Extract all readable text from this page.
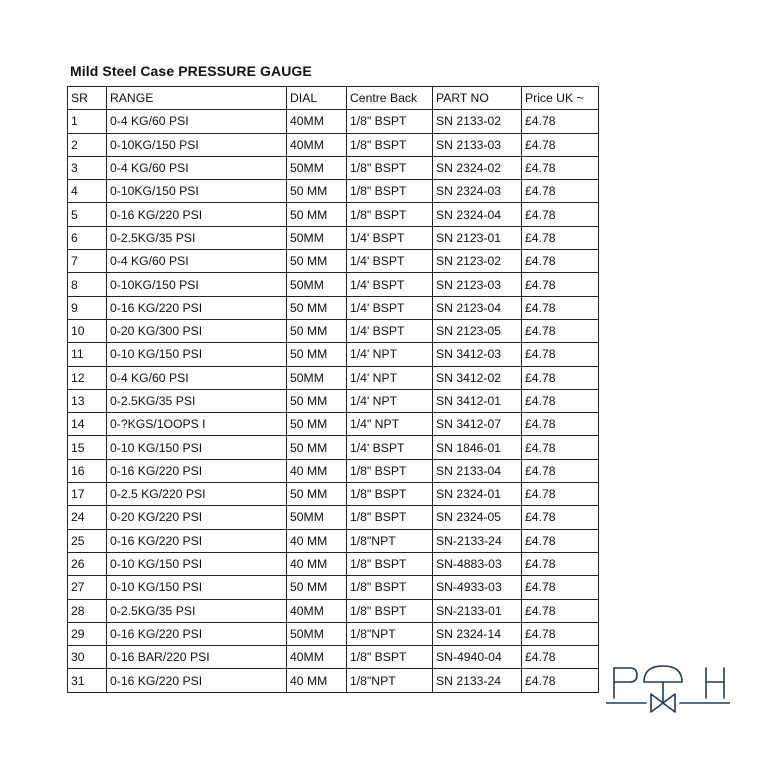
Mild Steel Case PRESSURE GAUGE
SR	RANGE	DIAL	Centre Back	PART NO	Price UK ~
1	0-4 KG/60 PSI	40MM	1/8" BSPT	SN 2133-02	£4.78
2	0-10KG/150 PSI	40MM	1/8" BSPT	SN 2133-03	£4.78
3	0-4 KG/60 PSI	50MM	1/8" BSPT	SN 2324-02	£4.78
4	0-10KG/150 PSI	50 MM	1/8" BSPT	SN 2324-03	£4.78
5	0-16 KG/220 PSI	50 MM	1/8" BSPT	SN 2324-04	£4.78
6	0-2.5KG/35 PSI	50MM	1/4' BSPT	SN 2123-01	£4.78
7	0-4 KG/60 PSI	50 MM	1/4' BSPT	SN 2123-02	£4.78
8	0-10KG/150 PSI	50MM	1/4' BSPT	SN 2123-03	£4.78
9	0-16 KG/220 PSI	50 MM	1/4' BSPT	SN 2123-04	£4.78
10	0-20 KG/300 PSI	50 MM	1/4' BSPT	SN 2123-05	£4.78
11	0-10 KG/150 PSI	50 MM	1/4' NPT	SN 3412-03	£4.78
12	0-4 KG/60 PSI	50MM	1/4' NPT	SN 3412-02	£4.78
13	0-2.5KG/35 PSI	50 MM	1/4' NPT	SN 3412-01	£4.78
14	0-?KGS/1OOPS I	50 MM	1/4" NPT	SN 3412-07	£4.78
15	0-10 KG/150 PSI	50 MM	1/4' BSPT	SN 1846-01	£4.78
16	0-16 KG/220 PSI	40 MM	1/8" BSPT	SN 2133-04	£4.78
17	0-2.5 KG/220 PSI	50 MM	1/8" BSPT	SN 2324-01	£4.78
24	0-20 KG/220 PSI	50MM	1/8" BSPT	SN 2324-05	£4.78
25	0-16 KG/220 PSI	40 MM	1/8"NPT	SN-2133-24	£4.78
26	0-10 KG/150 PSI	40 MM	1/8" BSPT	SN-4883-03	£4.78
27	0-10 KG/150 PSI	50 MM	1/8" BSPT	SN-4933-03	£4.78
28	0-2.5KG/35 PSI	40MM	1/8" BSPT	SN-2133-01	£4.78
29	0-16 KG/220 PSI	50MM	1/8"NPT	SN 2324-14	£4.78
30	0-16 BAR/220 PSI	40MM	1/8" BSPT	SN-4940-04	£4.78
31	0-16 KG/220 PSI	40 MM	1/8"NPT	SN 2133-24	£4.78
